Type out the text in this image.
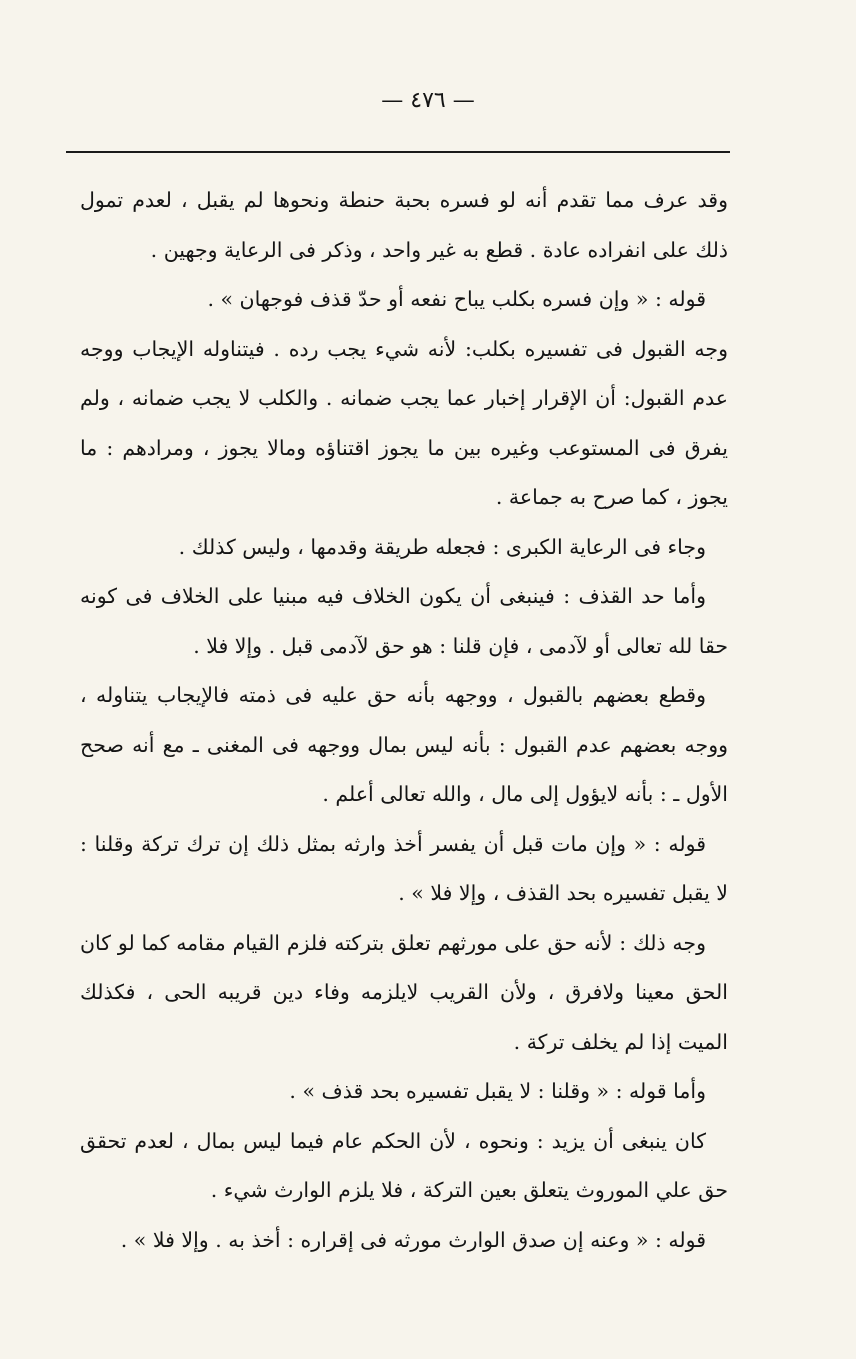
— ٤٧٦ —

وقد عرف مما تقدم أنه لو فسره بحبة حنطة ونحوها لم يقبل ، لعدم تمول ذلك على انفراده عادة . قطع به غير واحد ، وذكر فى الرعاية وجهين .

قوله : « وإن فسره بكلب يباح نفعه أو حدّ قذف فوجهان » .

وجه القبول فى تفسيره بكلب: لأنه شيء يجب رده . فيتناوله الإيجاب ووجه عدم القبول: أن الإقرار إخبار عما يجب ضمانه . والكلب لا يجب ضمانه ، ولم يفرق فى المستوعب وغيره بين ما يجوز اقتناؤه ومالا يجوز ، ومرادهم : ما يجوز ، كما صرح به جماعة .

وجاء فى الرعاية الكبرى : فجعله طريقة وقدمها ، وليس كذلك .

وأما حد القذف : فينبغى أن يكون الخلاف فيه مبنيا على الخلاف فى كونه حقا لله تعالى أو لآدمى ، فإن قلنا : هو حق لآدمى قبل . وإلا فلا .

وقطع بعضهم بالقبول ، ووجهه بأنه حق عليه فى ذمته فالإيجاب يتناوله ، ووجه بعضهم عدم القبول : بأنه ليس بمال ووجهه فى المغنى ـ مع أنه صحح الأول ـ : بأنه لايؤول إلى مال ، والله تعالى أعلم .

قوله : « وإن مات قبل أن يفسر أخذ وارثه بمثل ذلك إن ترك تركة وقلنا : لا يقبل تفسيره بحد القذف ، وإلا فلا » .

وجه ذلك : لأنه حق على مورثهم تعلق بتركته فلزم القيام مقامه كما لو كان الحق معينا ولافرق ، ولأن القريب لايلزمه وفاء دين قريبه الحى ، فكذلك الميت إذا لم يخلف تركة .

وأما قوله : « وقلنا : لا يقبل تفسيره بحد قذف » .

كان ينبغى أن يزيد : ونحوه ، لأن الحكم عام فيما ليس بمال ، لعدم تحقق حق علي الموروث يتعلق بعين التركة ، فلا يلزم الوارث شيء .

قوله : « وعنه إن صدق الوارث مورثه فى إقراره : أخذ به . وإلا فلا » .
